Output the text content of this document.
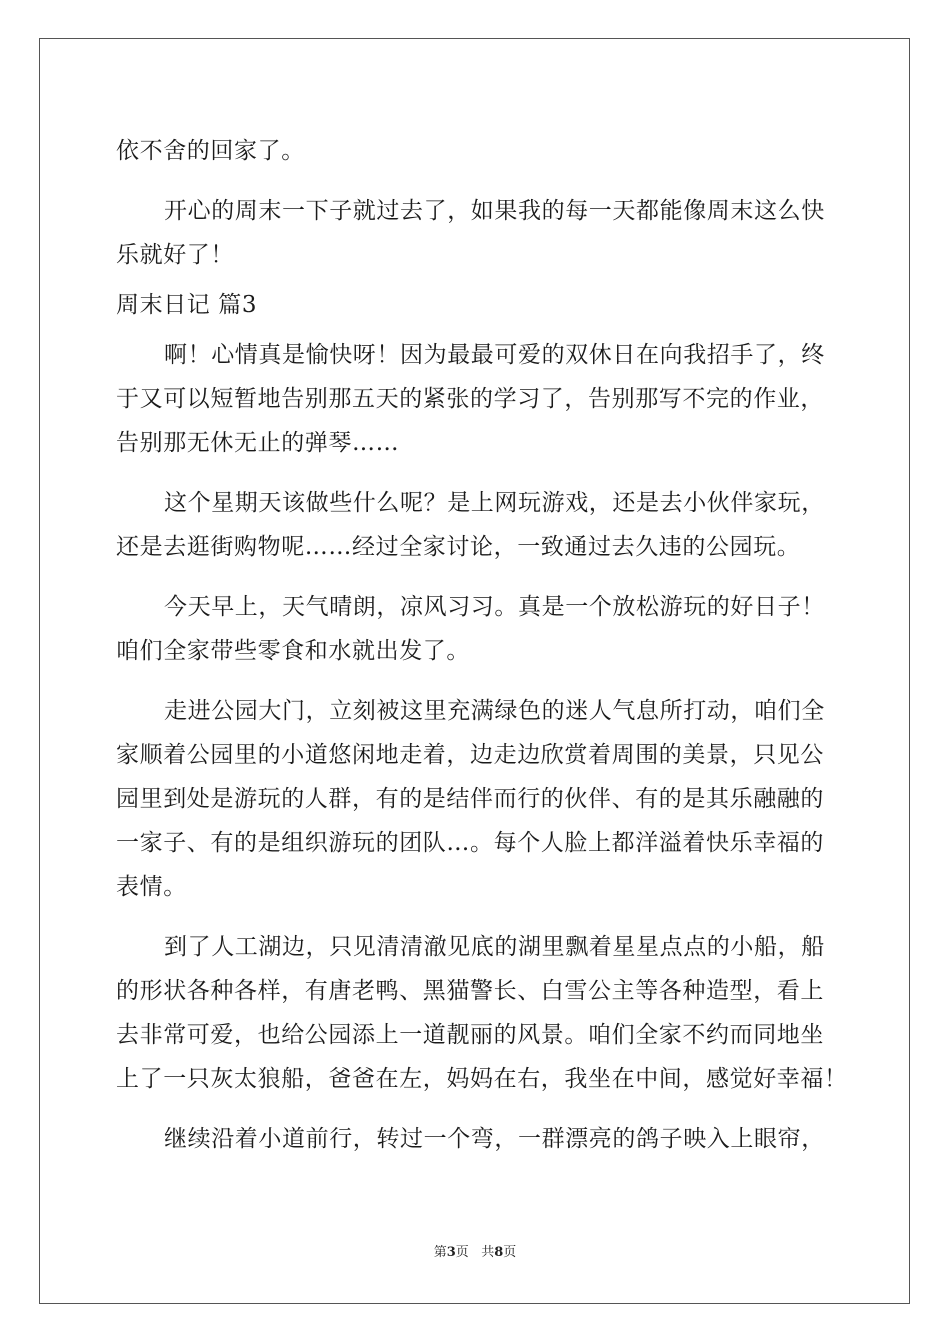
依不舍的回家了。
开心的周末一下子就过去了，如果我的每一天都能像周末这么快
乐就好了！
周末日记 篇3
啊！心情真是愉快呀！因为最最可爱的双休日在向我招手了，终
于又可以短暂地告别那五天的紧张的学习了，告别那写不完的作业，
告别那无休无止的弹琴……
这个星期天该做些什么呢？是上网玩游戏，还是去小伙伴家玩，
还是去逛街购物呢……经过全家讨论，一致通过去久违的公园玩。
今天早上，天气晴朗，凉风习习。真是一个放松游玩的好日子！
咱们全家带些零食和水就出发了。
走进公园大门，立刻被这里充满绿色的迷人气息所打动，咱们全
家顺着公园里的小道悠闲地走着，边走边欣赏着周围的美景，只见公
园里到处是游玩的人群，有的是结伴而行的伙伴、有的是其乐融融的
一家子、有的是组织游玩的团队…。每个人脸上都洋溢着快乐幸福的
表情。
到了人工湖边，只见清清澈见底的湖里飘着星星点点的小船，船
的形状各种各样，有唐老鸭、黑猫警长、白雪公主等各种造型，看上
去非常可爱，也给公园添上一道靓丽的风景。咱们全家不约而同地坐
上了一只灰太狼船，爸爸在左，妈妈在右，我坐在中间，感觉好幸福！
继续沿着小道前行，转过一个弯，一群漂亮的鸽子映入上眼帘，
第3页 共8页
